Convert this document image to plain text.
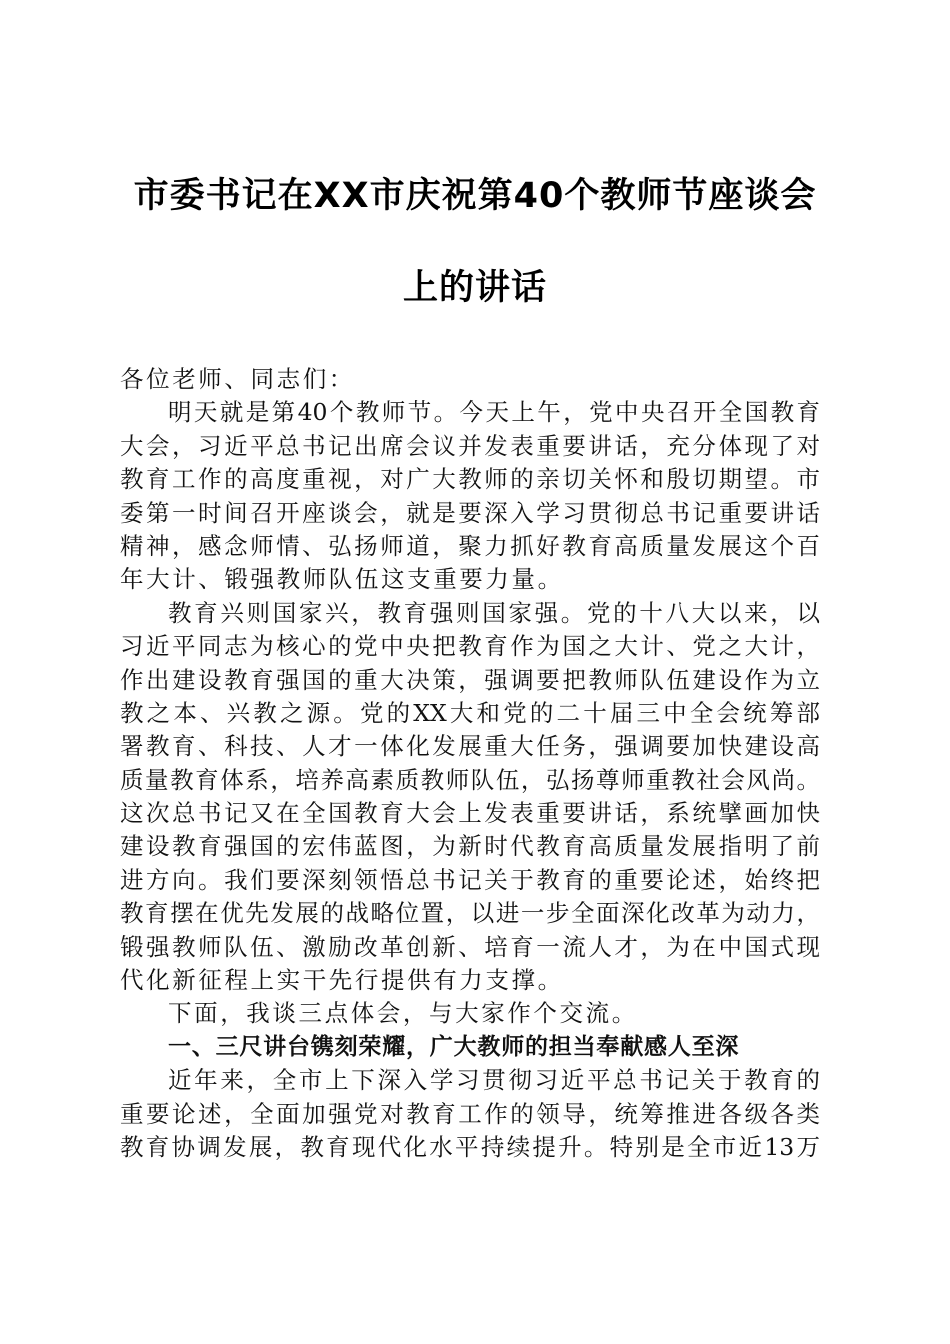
市委书记在XX市庆祝第40个教师节座谈会
上的讲话
各位老师、同志们：
明天就是第40个教师节。今天上午，党中央召开全国教育
大会，习近平总书记出席会议并发表重要讲话，充分体现了对
教育工作的高度重视，对广大教师的亲切关怀和殷切期望。市
委第一时间召开座谈会，就是要深入学习贯彻总书记重要讲话
精神，感念师情、弘扬师道，聚力抓好教育高质量发展这个百
年大计、锻强教师队伍这支重要力量。
教育兴则国家兴，教育强则国家强。党的十八大以来，以
习近平同志为核心的党中央把教育作为国之大计、党之大计，
作出建设教育强国的重大决策，强调要把教师队伍建设作为立
教之本、兴教之源。党的XX大和党的二十届三中全会统筹部
署教育、科技、人才一体化发展重大任务，强调要加快建设高
质量教育体系，培养高素质教师队伍，弘扬尊师重教社会风尚。
这次总书记又在全国教育大会上发表重要讲话，系统擘画加快
建设教育强国的宏伟蓝图，为新时代教育高质量发展指明了前
进方向。我们要深刻领悟总书记关于教育的重要论述，始终把
教育摆在优先发展的战略位置，以进一步全面深化改革为动力，
锻强教师队伍、激励改革创新、培育一流人才，为在中国式现
代化新征程上实干先行提供有力支撑。
下面，我谈三点体会，与大家作个交流。
一、三尺讲台镌刻荣耀，广大教师的担当奉献感人至深
近年来，全市上下深入学习贯彻习近平总书记关于教育的
重要论述，全面加强党对教育工作的领导，统筹推进各级各类
教育协调发展，教育现代化水平持续提升。特别是全市近13万
